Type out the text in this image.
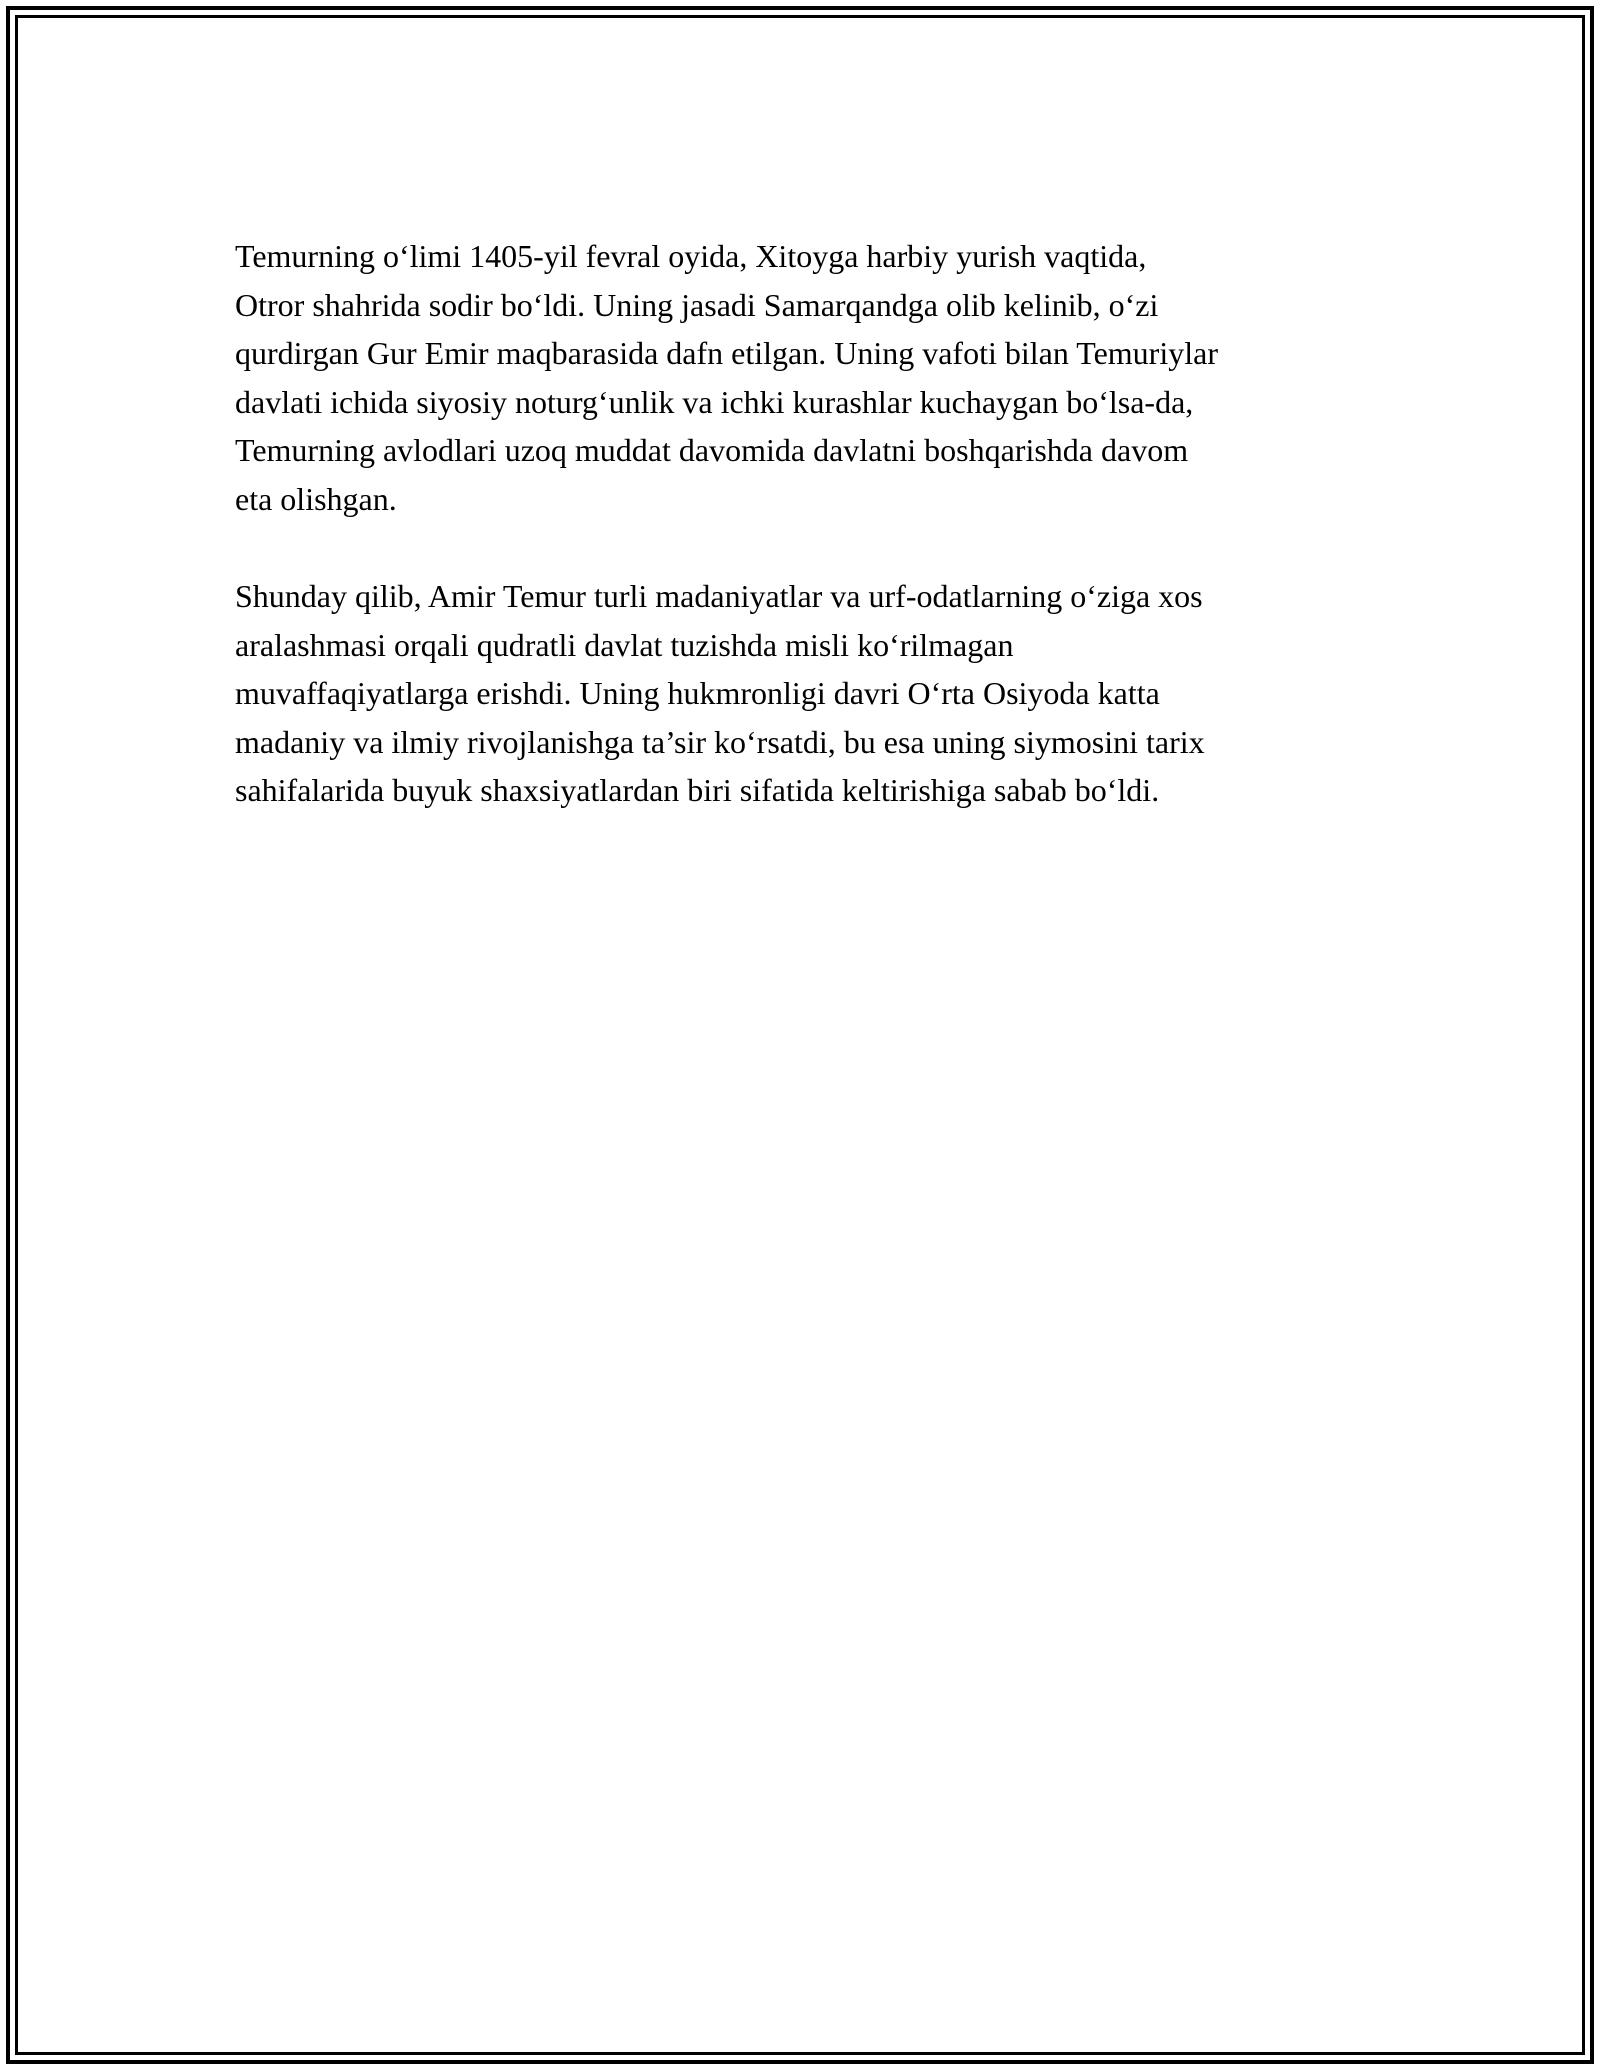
Temurning o‘limi 1405-yil fevral oyida, Xitoyga harbiy yurish vaqtida,
Otror shahrida sodir bo‘ldi. Uning jasadi Samarqandga olib kelinib, o‘zi
qurdirgan Gur Emir maqbarasida dafn etilgan. Uning vafoti bilan Temuriylar
davlati ichida siyosiy noturg‘unlik va ichki kurashlar kuchaygan bo‘lsa-da,
Temurning avlodlari uzoq muddat davomida davlatni boshqarishda davom
eta olishgan.

Shunday qilib, Amir Temur turli madaniyatlar va urf-odatlarning o‘ziga xos
aralashmasi orqali qudratli davlat tuzishda misli ko‘rilmagan
muvaffaqiyatlarga erishdi. Uning hukmronligi davri O‘rta Osiyoda katta
madaniy va ilmiy rivojlanishga ta’sir ko‘rsatdi, bu esa uning siymosini tarix
sahifalarida buyuk shaxsiyatlardan biri sifatida keltirishiga sabab bo‘ldi.
